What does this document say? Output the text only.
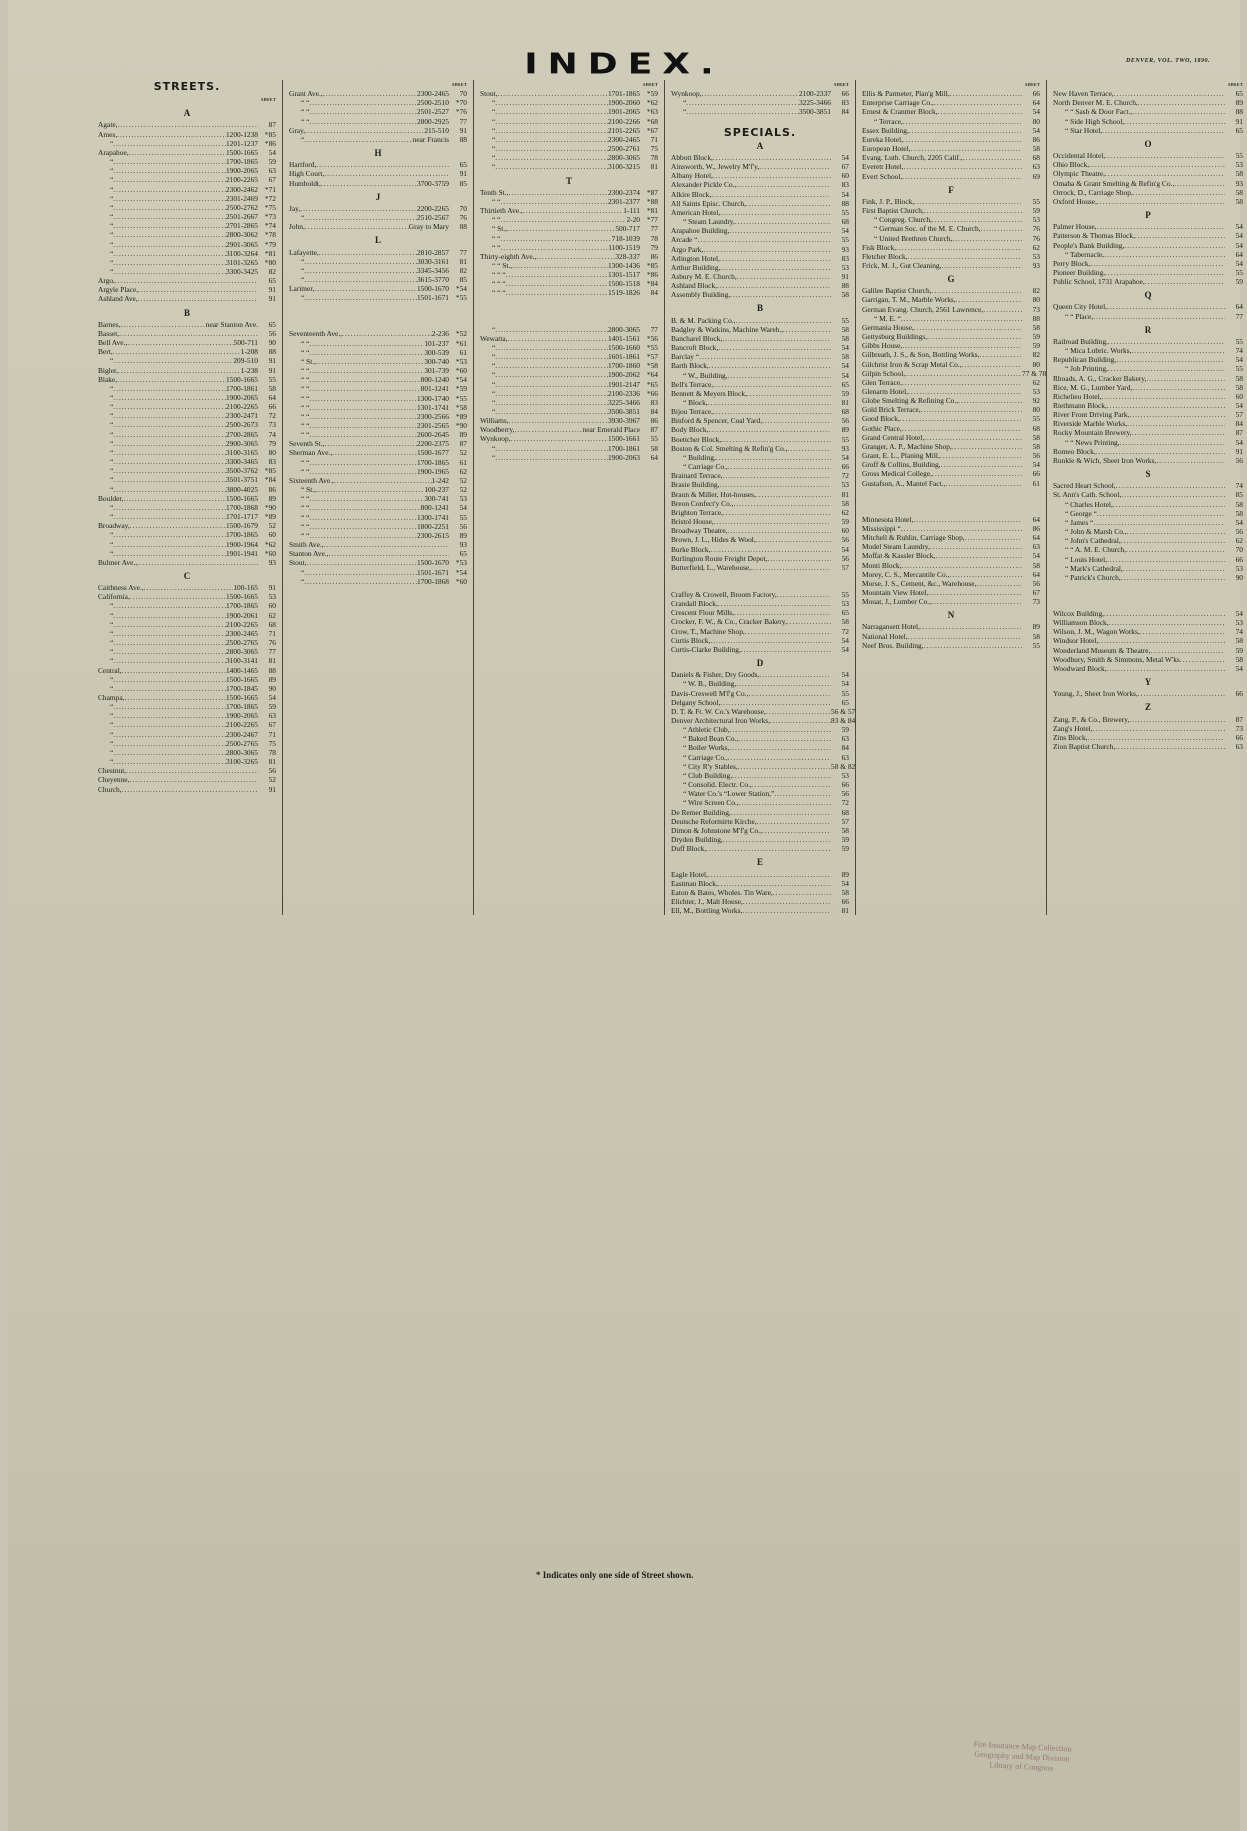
INDEX.	DENVER, VOL. TWO, 1890.
STREETS.
SHEET
A
Agate, .....	87
Ames, .....	1200-1238 *85
“ .....	1201-1237 *86
Arapahoe, .....	1500-1665	54
“ .....	1700-1865	59
“ .....	1900-2065	63
“ .....	2100-2265	67
“ .....	2300-2462 *71
“ .....	2301-2469 *72
“ .....	2500-2762 *75
“ .....	2501-2667 *73
“ .....	2701-2865 *74
“ .....	2800-3062 *78
“ .....	2901-3065 *79
“ .....	3100-3264 *81
“ .....	3101-3265 *80
“ .....	3300-3425	82
Argo, .....	65
Argyle Place, .....	91
Ashland Ave, .....	91
B
Barnes, .....	near Stanton Ave.	65
Basset, .....	56
Bell Ave., .....	500-711	90
Bert, .....	1-208	88
“ .....	209-510	91
Bigler, .....	1-238	91
Blake, .....	1500-1665	55
“ .....	1700-1861	58
“ .....	1900-2065	64
“ .....	2100-2265	66
“ .....	2300-2471	72
“ .....	2500-2673	73
“ .....	2700-2865	74
“ .....	2900-3065	79
“ .....	3100-3165	80
“ .....	3300-3465	83
“ .....	3500-3762 *85
“ .....	3501-3751 *84
“ .....	3800-4025	86
Boulder, .....	1500-1665	89
“ .....	1700-1868 *90
“ .....	1701-1717 *89
Broadway, .....	1500-1679	52
“ .....	1700-1865	60
“ .....	1900-1964 *62
“ .....	1901-1941 *60
Bulmer Ave., .....	93
C
Caithness Ave., .....	100-165	91
California, .....	1500-1665	53
“ .....	1700-1865	60
“ .....	1900-2061	62
“ .....	2100-2265	68
“ .....	2300-2465	71
“ .....	2500-2765	76
“ .....	2800-3065	77
“ .....	3100-3141	81
Central, .....	1400-1465	88
“ .....	1500-1665	89
“ .....	1700-1845	90
Champa, .....	1500-1665	54
“ .....	1700-1865	59
“ .....	1900-2065	63
“ .....	2100-2265	67
“ .....	2300-2467	71
“ .....	2500-2765	75
“ .....	2800-3065	78
“ .....	3100-3265	81
Chestnut, .....	56
Cheyenne, .....	52
Church, .....	91
SHEET
Grant Ave., .....	2300-2465	70
“ “ .....	2500-2510 *70
“ “ .....	2501-2527 *76
“ “ .....	2800-2925	77
Gray, .....	215-510	91
“ .....	near Francis	88
H
Hartford, .....	65
High Court, .....	91
Humboldt, .....	3700-3759	85
J
Jay, .....	2200-2265	70
“ .....	2510-2567	76
John, .....	Gray to Mary	88
L
Lafayette, .....	2810-2857	77
“ .....	3030-3161	81
“ .....	3345-3456	82
“ .....	3615-3770	85
Larimer, .....	1500-1670 *54
“ .....	1501-1671 *55
Seventeenth Ave., .....	2-236 *52
“ “ .....	101-237 *61
“ “ .....	300-539	61
“ St., .....	300-740 *53
“ “ .....	301-739 *60
“ “ .....	800-1240 *54
“ “ .....	801-1241 *59
“ “ .....	1300-1740 *55
“ “ .....	1301-1741 *58
“ “ .....	2300-2566 *89
“ “ .....	2301-2565 *90
“ “ .....	2600-2645	89
Seventh St., .....	2200-2375	87
Sherman Ave., .....	1500-1677	52
“ “ .....	1700-1865	61
“ “ .....	1900-1965	62
Sixteenth Ave., .....	1-242	52
“ St., .....	100-237	52
“ “ .....	300-741	53
“ “ .....	800-1241	54
“ “ .....	1300-1741	55
“ “ .....	1800-2251	56
“ “ .....	2300-2615	89
Smith Ave., .....	93
Stanton Ave., .....	65
Stout, .....	1500-1670 *53
“ .....	1501-1671 *54
“ .....	1700-1868 *60
SHEET
Stout, .....	1701-1865 *59
“ .....	1900-2060 *62
“ .....	1901-2065 *63
“ .....	2100-2266 *68
“ .....	2101-2265 *67
“ .....	2300-2465	71
“ .....	2500-2761	75
“ .....	2800-3065	78
“ .....	3100-3215	81
T
Tenth St., .....	2300-2374 *87
“ “ .....	2301-2377 *88
Thirtieth Ave., .....	1-111 *81
“ “ .....	2-20 *77
“ St., .....	500-717	77
“ “ .....	718-1039	78
“ “ .....	1100-1519	79
Thirty-eighth Ave., .....	328-337	86
“ “ St., .....	1300-1436 *85
“ “ “ .....	1301-1517 *86
“ “ “ .....	1500-1518 *84
“ “ “ .....	1519-1826	84
“ .....	2800-3065	77
Wewatta, .....	1401-1561 *56
“ .....	1500-1660 *55
“ .....	1601-1861 *57
“ .....	1700-1860 *58
“ .....	1900-2062 *64
“ .....	1901-2147 *65
“ .....	2100-2336 *66
“ .....	3225-3466	83
“ .....	3500-3851	84
Williams, .....	3930-3967	86
Woodberry, .....	near Emerald Place	87
Wynkoop, .....	1500-1661	55
“ .....	1700-1861	58
“ .....	1900-2063	64
SHEET
Wynkoop, .....	2100-2337	66
“ .....	3225-3466	83
“ .....	3500-3851	84
SPECIALS.
A
Abbott Block, .....	54
Ainsworth, W., Jewelry M'f'y, .....	67
Albany Hotel, .....	60
Alexander Pickle Co., .....	83
Alkire Block, .....	54
All Saints Episc. Church, .....	88
American Hotel, .....	55
“ Steam Laundry, .....	68
Arapahoe Building, .....	54
Arcade “ .....	55
Argo Park, .....	93
Arlington Hotel, .....	83
Arthur Building, .....	53
Asbury M. E. Church, .....	91
Ashland Block, .....	88
Assembly Building, .....	58
B
B. & M. Packing Co., .....	55
Badgley & Watkins, Machine Wareh., .....	58
Bancharel Block, .....	58
Bancroft Block, .....	54
Barclay “ .....	58
Barth Block, .....	54
“ W., Building, .....	54
Bell's Terrace, .....	65
Bennett & Meyers Block, .....	59
“ Block, .....	81
Bijou Terrace, .....	68
Binford & Spencer, Coal Yard, .....	56
Body Block, .....	89
Boettcher Block, .....	55
Boston & Col. Smelting & Refin'g Co., .....	93
“ Building, .....	54
“ Carriage Co., .....	66
Brainard Terrace, .....	72
Brasie Building, .....	53
Braun & Miller, Hot-houses, .....	81
Breon Confect'y Co., .....	58
Brighton Terrace, .....	62
Bristol House, .....	59
Broadway Theatre, .....	60
Brown, J. L., Hides & Wool, .....	56
Burke Block, .....	54
Burlington Route Freight Depot, .....	56
Butterfield, L., Warehouse, .....	57
Craffey & Crowell, Broom Factory, .....	55
Crandall Block, .....	53
Crescent Flour Mills, .....	65
Crocker, F. W., & Co., Cracker Bakery, .....	58
Crow, T., Machine Shop, .....	72
Curtis Block, .....	54
Curtis-Clarke Building, .....	54
D
Daniels & Fisher, Dry Goods, .....	54
“ W. B., Building, .....	54
Davis-Creswell M'f'g Co., .....	55
Delgany School, .....	65
D. T. & Ft. W. Co.'s Warehouse, .....	56 & 57
Denver Architectural Iron Works, .....	83 & 84
“ Athletic Club, .....	59
“ Baked Bean Co., .....	63
“ Boiler Works, .....	84
“ Carriage Co., .....	63
“ City R'y Stables, .....	58 & 82
“ Club Building, .....	53
“ Consolid. Electr. Co., .....	66
“ Water Co.'s “Lower Station,” .....	56
“ Wire Screen Co., .....	72
De Remer Building, .....	68
Deutsche Reformirte Kirche, .....	57
Dimon & Johnstone M'f'g Co., .....	58
Dryden Building, .....	59
Duff Block, .....	59
E
Eagle Hotel, .....	89
Eastman Block, .....	54
Eaton & Bates, Wholes. Tin Ware, .....	58
Elichter, J., Malt House, .....	66
Ell, M., Bottling Works, .....	81
SHEET
Ellis & Parmeter, Plan'g Mill, .....	66
Enterprise Carriage Co., .....	64
Ernest & Cranmer Block, .....	54
“ Terrace, .....	80
Essex Building, .....	54
Eureka Hotel, .....	86
European Hotel, .....	58
Evang. Luth. Church, 2205 Calif., .....	68
Everett Hotel, .....	63
Evert School, .....	69
F
Fink, J. P., Block, .....	55
First Baptist Church, .....	59
“ Congreg. Church, .....	53
“ German Soc. of the M. E. Church, .....	76
“ United Brethren Church, .....	76
Fisk Block, .....	62
Fletcher Block, .....	53
Frick, M. J., Gut Cleaning, .....	93
G
Galilee Baptist Church, .....	82
Garrigan, T. M., Marble Works, .....	80
German Evang. Church, 2561 Lawrence, .....	73
“ M. E. “ .....	88
Germania House, .....	58
Gettysburg Buildings, .....	59
Gibbs House, .....	59
Gilbreath, J. S., & Son, Bottling Works, .....	82
Gilchrist Iron & Scrap Metal Co., .....	80
Gilpin School, .....	77 & 78
Glen Terrace, .....	62
Glenarm Hotel, .....	53
Globe Smelting & Refining Co., .....	92
Gold Brick Terrace, .....	80
Good Block, .....	55
Gothic Place, .....	68
Grand Central Hotel, .....	58
Granger, A. P., Machine Shop, .....	58
Grant, E. L., Planing Mill, .....	56
Groff & Collins, Building, .....	54
Gross Medical College, .....	66
Gustafson, A., Mantel Fact., .....	61
Minnesota Hotel, .....	64
Mississippi “ .....	86
Mitchell & Ruhlin, Carriage Shop, .....	64
Model Steam Laundry, .....	63
Moffat & Kassler Block, .....	54
Monti Block, .....	58
Morey, C. S., Mercantile Co., .....	64
Morse, J. S., Cement, &c., Warehouse, .....	56
Mountain View Hotel, .....	67
Mouat, J., Lumber Co., .....	73
N
Narragansett Hotel, .....	89
National Hotel, .....	58
Neef Bros. Building, .....	55
SHEET
New Haven Terrace, .....	65
North Denver M. E. Church, .....	89
“ “ Sash & Door Fact., .....	88
“ Side High School, .....	91
“ Star Hotel, .....	65
O
Occidental Hotel, .....	55
Ohio Block, .....	53
Olympic Theatre, .....	58
Omaha & Grant Smelting & Refin'g Co., .....	93
Orrock, D., Carriage Shop, .....	58
Oxford House, .....	58
P
Palmer House, .....	54
Patterson & Thomas Block, .....	54
People's Bank Building, .....	54
“ Tabernacle, .....	64
Perry Block, .....	54
Pioneer Building, .....	55
Public School, 1731 Arapahoe, .....	59
Q
Queen City Hotel, .....	64
“ “ Place, .....	77
R
Railroad Building, .....	55
“ Mica Lubric. Works, .....	74
Republican Building, .....	54
“ Job Printing, .....	55
Rhoads, A. G., Cracker Bakery, .....	58
Rice, M. G., Lumber Yard, .....	58
Richelieu Hotel, .....	60
Riethmann Block, .....	54
River Front Driving Park, .....	57
Riverside Marble Works, .....	84
Rocky Mountain Brewery, .....	87
“ “ News Printing, .....	54
Romeo Block, .....	91
Runkle & Wich, Sheet Iron Works, .....	56
S
Sacred Heart School, .....	74
St. Ann's Cath. School, .....	85
“ Charles Hotel, .....	58
“ George “ .....	58
“ James “ .....	54
“ John & Marsh Co., .....	56
“ John's Cathedral, .....	62
“ “ A. M. E. Church, .....	70
“ Louis Hotel, .....	66
“ Mark's Cathedral, .....	53
“ Patrick's Church, .....	90
Wilcox Building, .....	54
Williamson Block, .....	53
Wilson, J. M., Wagon Works, .....	74
Windsor Hotel, .....	58
Wonderland Museum & Theatre, .....	59
Woodbury, Smith & Simmons, Metal W'ks .....	58
Woodward Block, .....	54
Y
Young, J., Sheet Iron Works, .....	66
Z
Zang, P., & Co., Brewery, .....	87
Zang's Hotel, .....	73
Zins Block, .....	66
Zion Baptist Church, .....	63
* Indicates only one side of Street shown.
Fire Insurance Map Collection
Geography and Map Division
Library of Congress
